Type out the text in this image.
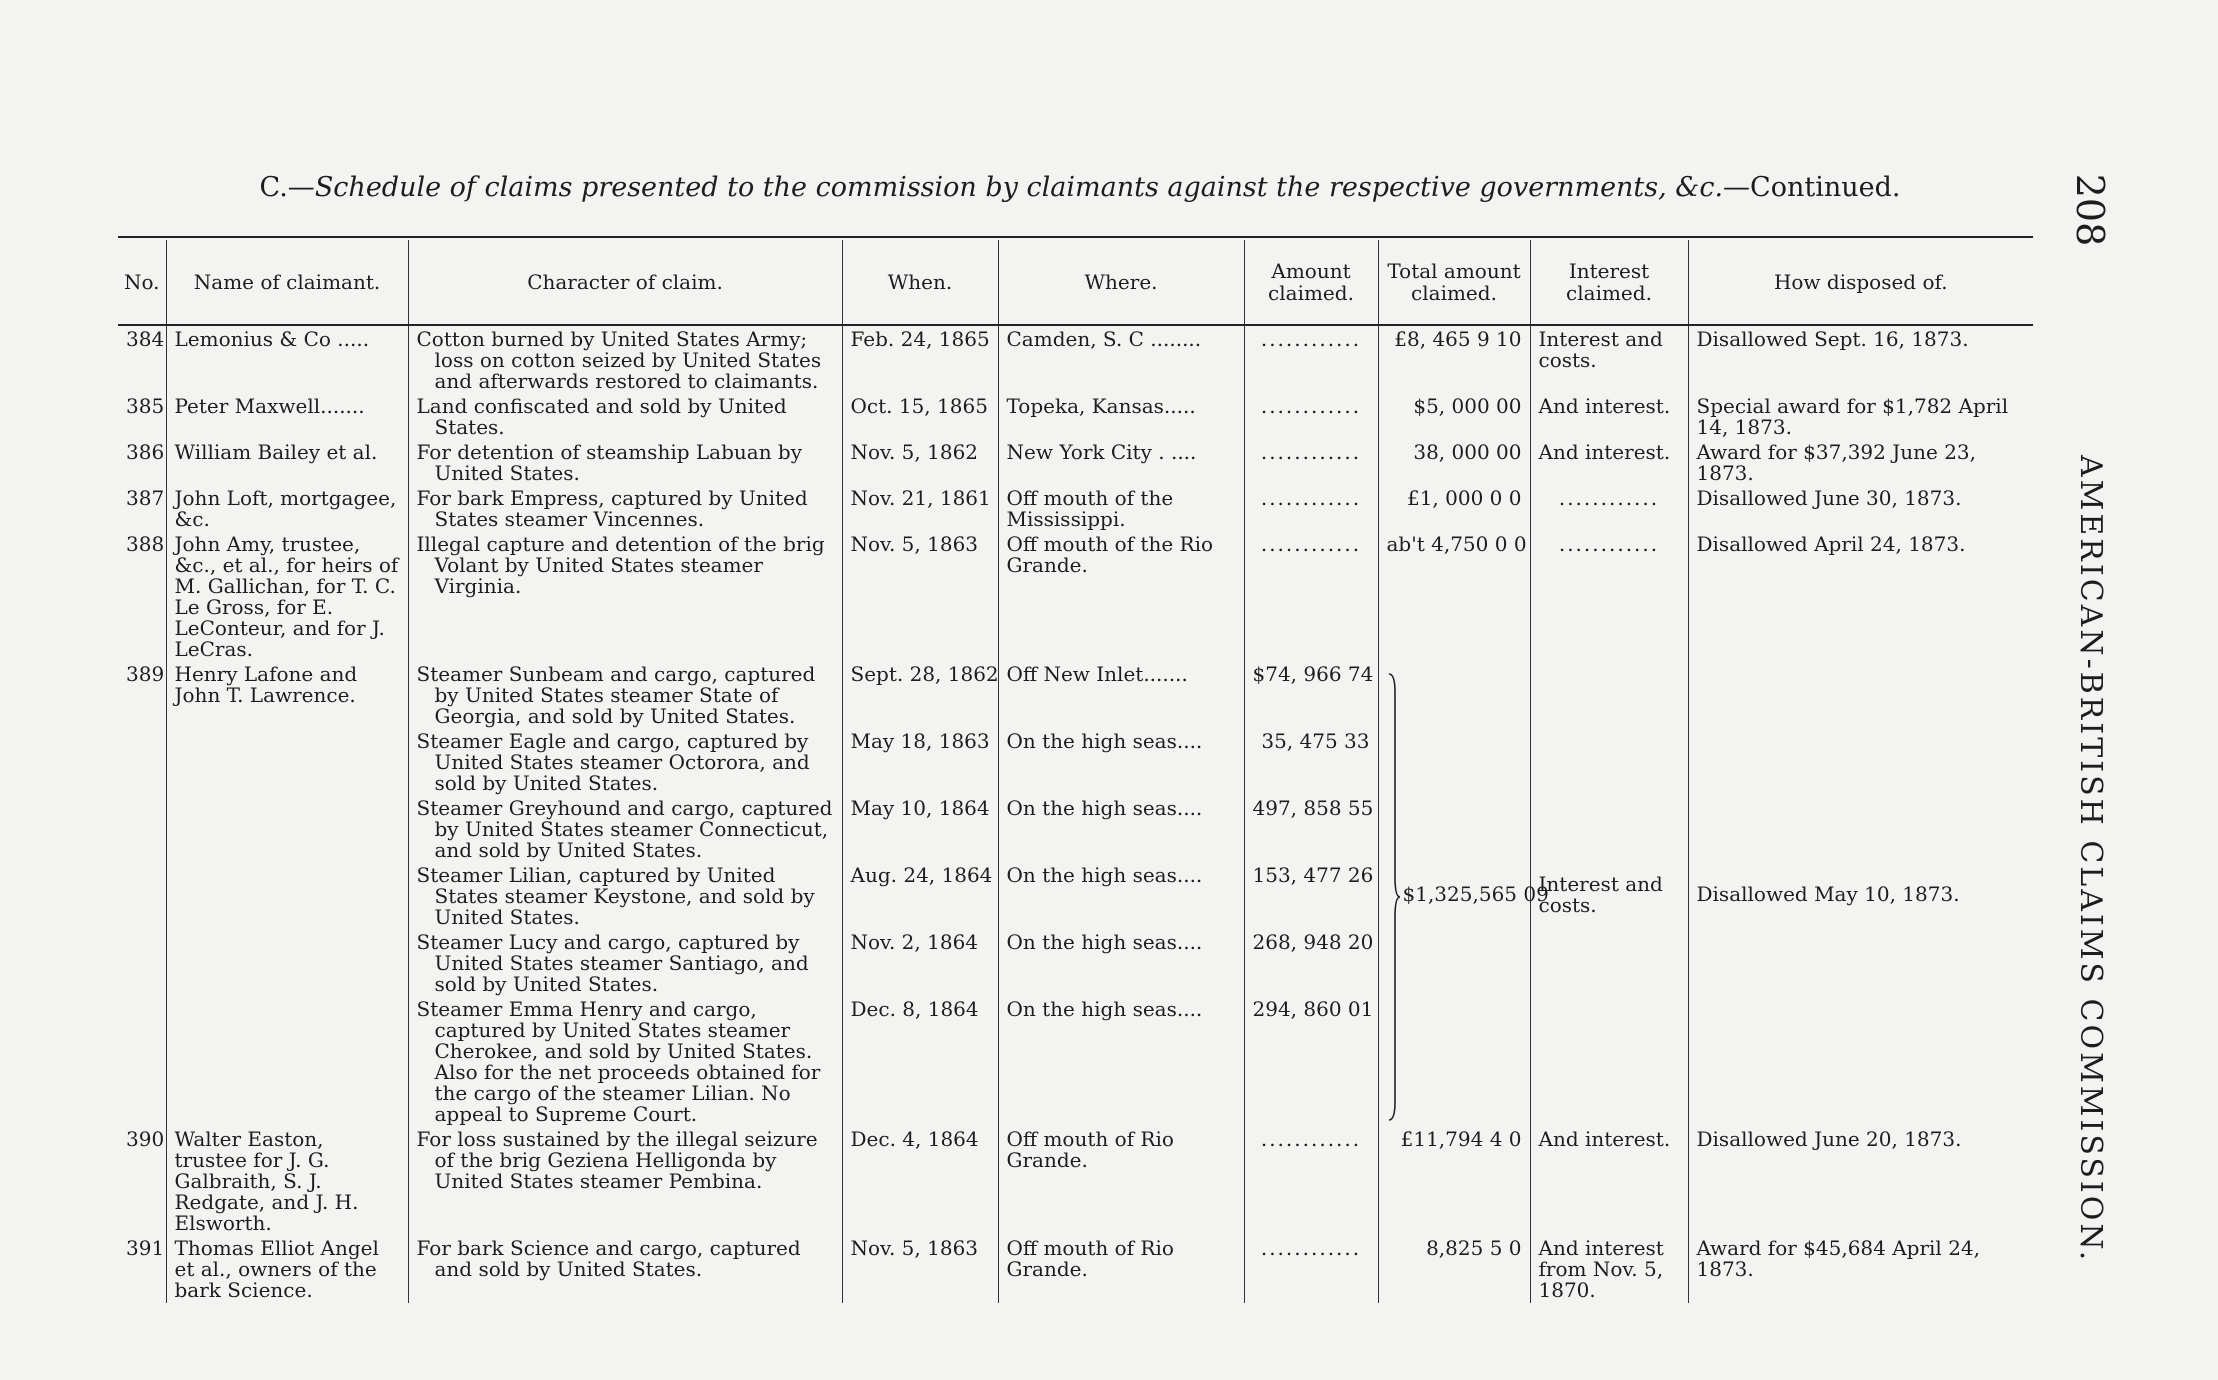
C.—Schedule of claims presented to the commission by claimants against the respective governments, &c.—Continued.	208
AMERICAN-BRITISH CLAIMS COMMISSION.
No.	Name of claimant.	Character of claim.	When.	Where.	Amount claimed.	Total amount claimed.	Interest claimed.	How disposed of.
384	Lemonius & Co .....	Cotton burned by United States Army; loss on cotton seized by United States and afterwards restored to claimants.	Feb. 24, 1865	Camden, S. C ........	............	£8, 465 9 10	Interest and costs.	Disallowed Sept. 16, 1873.
385	Peter Maxwell.......	Land confiscated and sold by United States.	Oct. 15, 1865	Topeka, Kansas.....	............	$5, 000 00	And interest.	Special award for $1,782 April 14, 1873.
386	William Bailey et al.	For detention of steamship Labuan by United States.	Nov. 5, 1862	New York City . ....	............	38, 000 00	And interest.	Award for $37,392 June 23, 1873.
387	John Loft, mortgagee, &c.	For bark Empress, captured by United States steamer Vincennes.	Nov. 21, 1861	Off mouth of the Mississippi.	............	£1, 000 0 0	............	Disallowed June 30, 1873.
388	John Amy, trustee, &c., et al., for heirs of M. Gallichan, for T. C. Le Gross, for E. LeConteur, and for J. LeCras.	Illegal capture and detention of the brig Volant by United States steamer Virginia.	Nov. 5, 1863	Off mouth of the Rio Grande.	............	ab't 4,750 0 0	............	Disallowed April 24, 1873.
389	Henry Lafone and John T. Lawrence.	Steamer Sunbeam and cargo, captured by United States steamer State of Georgia, and sold by United States.	Sept. 28, 1862	Off New Inlet.......	$74, 966 74	$1,325,565 09	Interest and costs.	Disallowed May 10, 1873.

		Steamer Eagle and cargo, captured by United States steamer Octorora, and sold by United States.	May 18, 1863	On the high seas....	35, 475 33			

		Steamer Greyhound and cargo, captured by United States steamer Connecticut, and sold by United States.	May 10, 1864	On the high seas....	497, 858 55			

		Steamer Lilian, captured by United States steamer Keystone, and sold by United States.	Aug. 24, 1864	On the high seas....	153, 477 26			

		Steamer Lucy and cargo, captured by United States steamer Santiago, and sold by United States.	Nov. 2, 1864	On the high seas....	268, 948 20			

		Steamer Emma Henry and cargo, captured by United States steamer Cherokee, and sold by United States. Also for the net proceeds obtained for the cargo of the steamer Lilian. No appeal to Supreme Court.	Dec. 8, 1864	On the high seas....	294, 860 01			
390	Walter Easton, trustee for J. G. Galbraith, S. J. Redgate, and J. H. Elsworth.	For loss sustained by the illegal seizure of the brig Geziena Helligonda by United States steamer Pembina.	Dec. 4, 1864	Off mouth of Rio Grande.	............	£11,794 4 0	And interest.	Disallowed June 20, 1873.
391	Thomas Elliot Angel et al., owners of the bark Science.	For bark Science and cargo, captured and sold by United States.	Nov. 5, 1863	Off mouth of Rio Grande.	............	8,825 5 0	And interest from Nov. 5, 1870.	Award for $45,684 April 24, 1873.
